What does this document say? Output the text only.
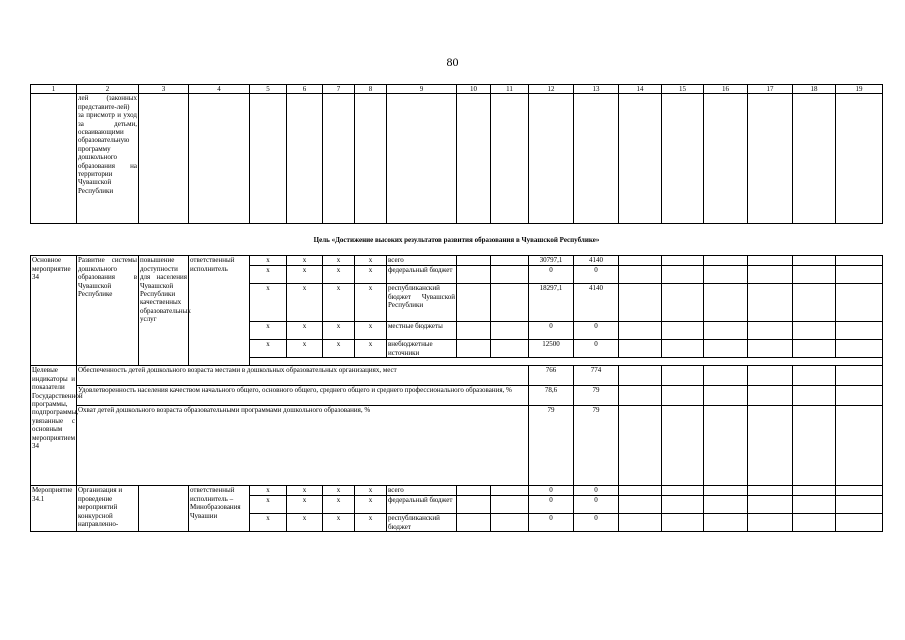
80
1	2	3	4	5	6	7	8	9	10	11	12	13	14	15	16	17	18	19
	лей (законных представите-лей) за присмотр и уход за детьми, осваивающими образовательную программу дошкольного образования на территории Чувашской Республики																	
Цель «Достижение высоких результатов развития образования в Чувашской Республике»																		
Основное мероприятие 34	Развитие системы дошкольного образования в Чувашской Республике	повышение доступности для населения Чувашской Республики качественных образовательных услуг	ответственный исполнитель	x	x	x	x	всего			30797,1	4140						
				x	x	x	x	федеральный бюджет			0	0						
				x	x	x	x	республиканский бюджет Чувашской Республики			18297,1	4140						
				x	x	x	x	местные бюджеты			0	0						
				x	x	x	x	внебюджетные источники			12500	0						

Целевые индикаторы и показатели Государственной программы, подпрограммы, увязанные с основным мероприятием 34	Обеспеченность детей дошкольного возраста местами в дошкольных образовательных организациях, мест										766	774						
	Удовлетворенность населения качеством начального общего, основного общего, среднего общего и среднего профессионального образования, %										78,6	79						
	Охват детей дошкольного возраста образовательными программами дошкольного образования, %										79	79						
Мероприятие 34.1	Организация и проведение мероприятий конкурсной направленно-		ответственный исполнитель – Минобразования Чувашии	x	x	x	x	всего			0	0						
				x	x	x	x	федеральный бюджет			0	0						
				x	x	x	x	республиканский бюджет			0	0						
